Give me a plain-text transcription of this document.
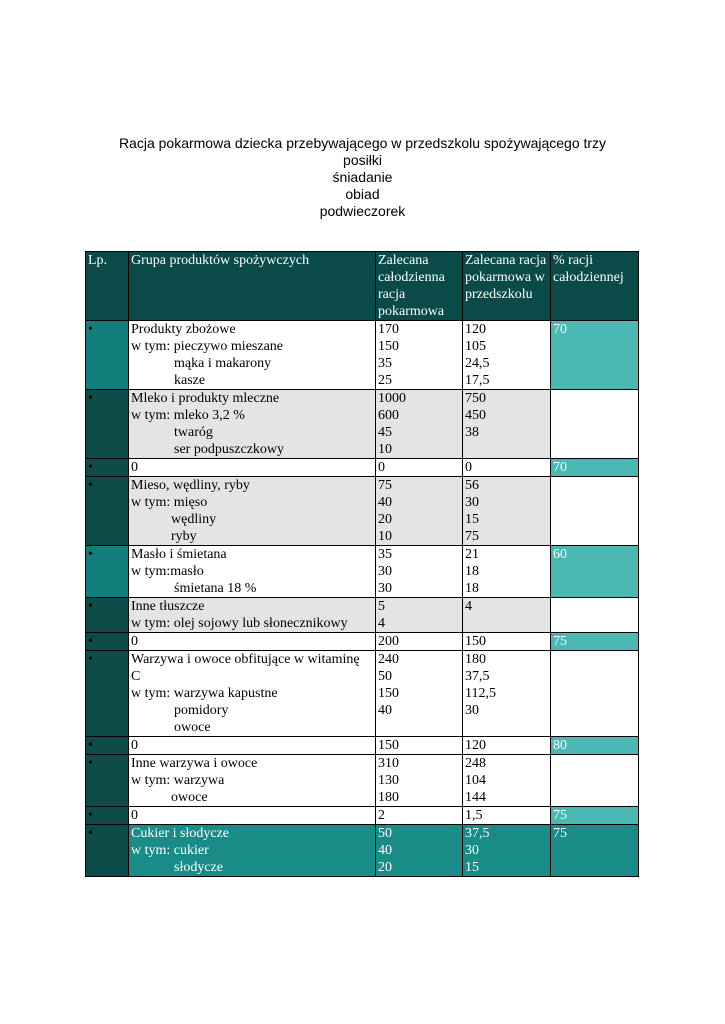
Racja pokarmowa dziecka przebywającego w przedszkolu spożywającego trzy
posiłki
śniadanie
obiad
podwieczorek
Lp.	Grupa produktów spożywczych	Zalecana
całodzienna
racja
pokarmowa	Zalecana racja
pokarmowa w
przedszkolu	% racji
całodziennej

•	Produkty zbożowe
w tym: pieczywo mieszane
mąka i makarony
kasze	170
150
35
25	120
105
24,5
17,5	70
•	Mleko i produkty mleczne
w tym: mleko 3,2 %
twaróg
ser podpuszczkowy	1000
600
45
10	750
450
38	

•	0	0	0	70
•	Mieso, wędliny, ryby
w tym: mięso
wędliny
ryby	75
40
20
10	56
30
15
75	

•	Masło i śmietana
w tym:masło
śmietana 18 %	35
30
30	21
18
18	60
•	Inne tłuszcze
w tym: olej sojowy lub słonecznikowy	5
4	4	

•	0	200	150	75
•	Warzywa i owoce obfitujące w witaminę
C
w tym: warzywa kapustne
pomidory
owoce	240
50
150
40	180
37,5
112,5
30	

•	0	150	120	80
•	Inne warzywa i owoce
w tym: warzywa
owoce	310
130
180	248
104
144	

•	0	2	1,5	75
•	Cukier i słodycze
w tym: cukier
słodycze	50
40
20	37,5
30
15	75
